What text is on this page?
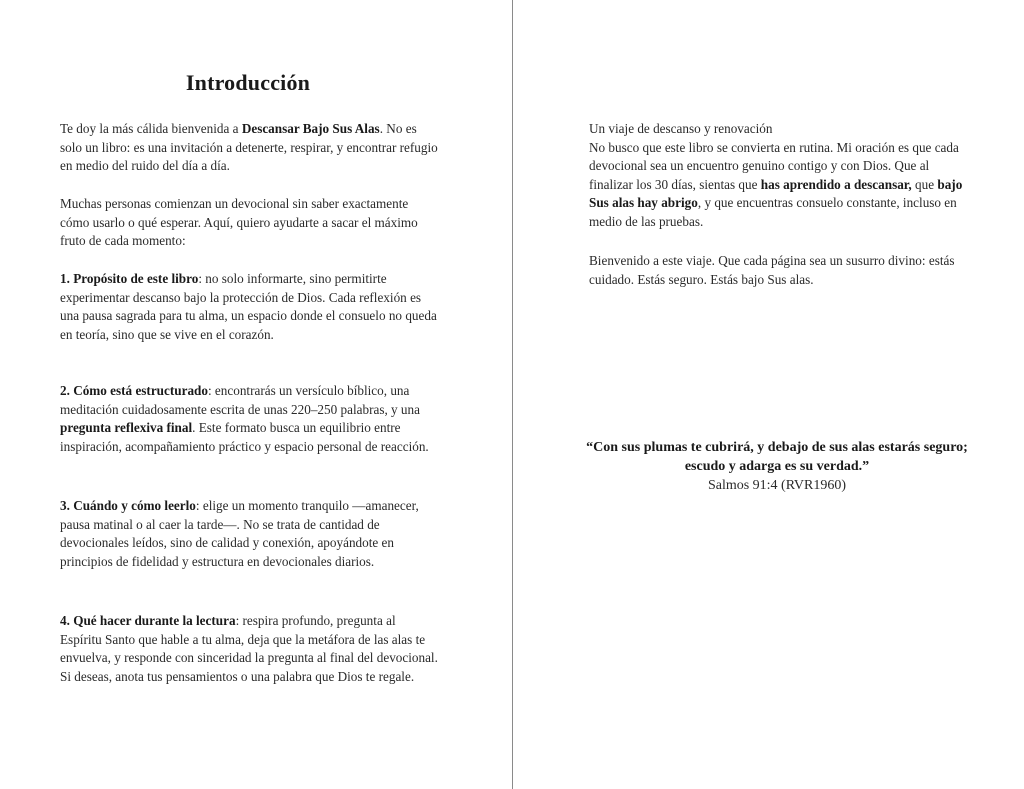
Introducción

Te doy la más cálida bienvenida a Descansar Bajo Sus Alas. No es solo un libro: es una invitación a detenerte, respirar, y encontrar refugio en medio del ruido del día a día.

Muchas personas comienzan un devocional sin saber exactamente cómo usarlo o qué esperar. Aquí, quiero ayudarte a sacar el máximo fruto de cada momento:

1. Propósito de este libro: no solo informarte, sino permitirte experimentar descanso bajo la protección de Dios. Cada reflexión es una pausa sagrada para tu alma, un espacio donde el consuelo no queda en teoría, sino que se vive en el corazón.

2. Cómo está estructurado: encontrarás un versículo bíblico, una meditación cuidadosamente escrita de unas 220–250 palabras, y una pregunta reflexiva final. Este formato busca un equilibrio entre inspiración, acompañamiento práctico y espacio personal de reacción.

3. Cuándo y cómo leerlo: elige un momento tranquilo —amanecer, pausa matinal o al caer la tarde—. No se trata de cantidad de devocionales leídos, sino de calidad y conexión, apoyándote en principios de fidelidad y estructura en devocionales diarios.

4. Qué hacer durante la lectura: respira profundo, pregunta al Espíritu Santo que hable a tu alma, deja que la metáfora de las alas te envuelva, y responde con sinceridad la pregunta al final del devocional. Si deseas, anota tus pensamientos o una palabra que Dios te regale.

Un viaje de descanso y renovación

No busco que este libro se convierta en rutina. Mi oración es que cada devocional sea un encuentro genuino contigo y con Dios. Que al finalizar los 30 días, sientas que has aprendido a descansar, que bajo Sus alas hay abrigo, y que encuentras consuelo constante, incluso en medio de las pruebas.

Bienvenido a este viaje. Que cada página sea un susurro divino: estás cuidado. Estás seguro. Estás bajo Sus alas.

“Con sus plumas te cubrirá, y debajo de sus alas estarás seguro; escudo y adarga es su verdad.”
Salmos 91:4 (RVR1960)
